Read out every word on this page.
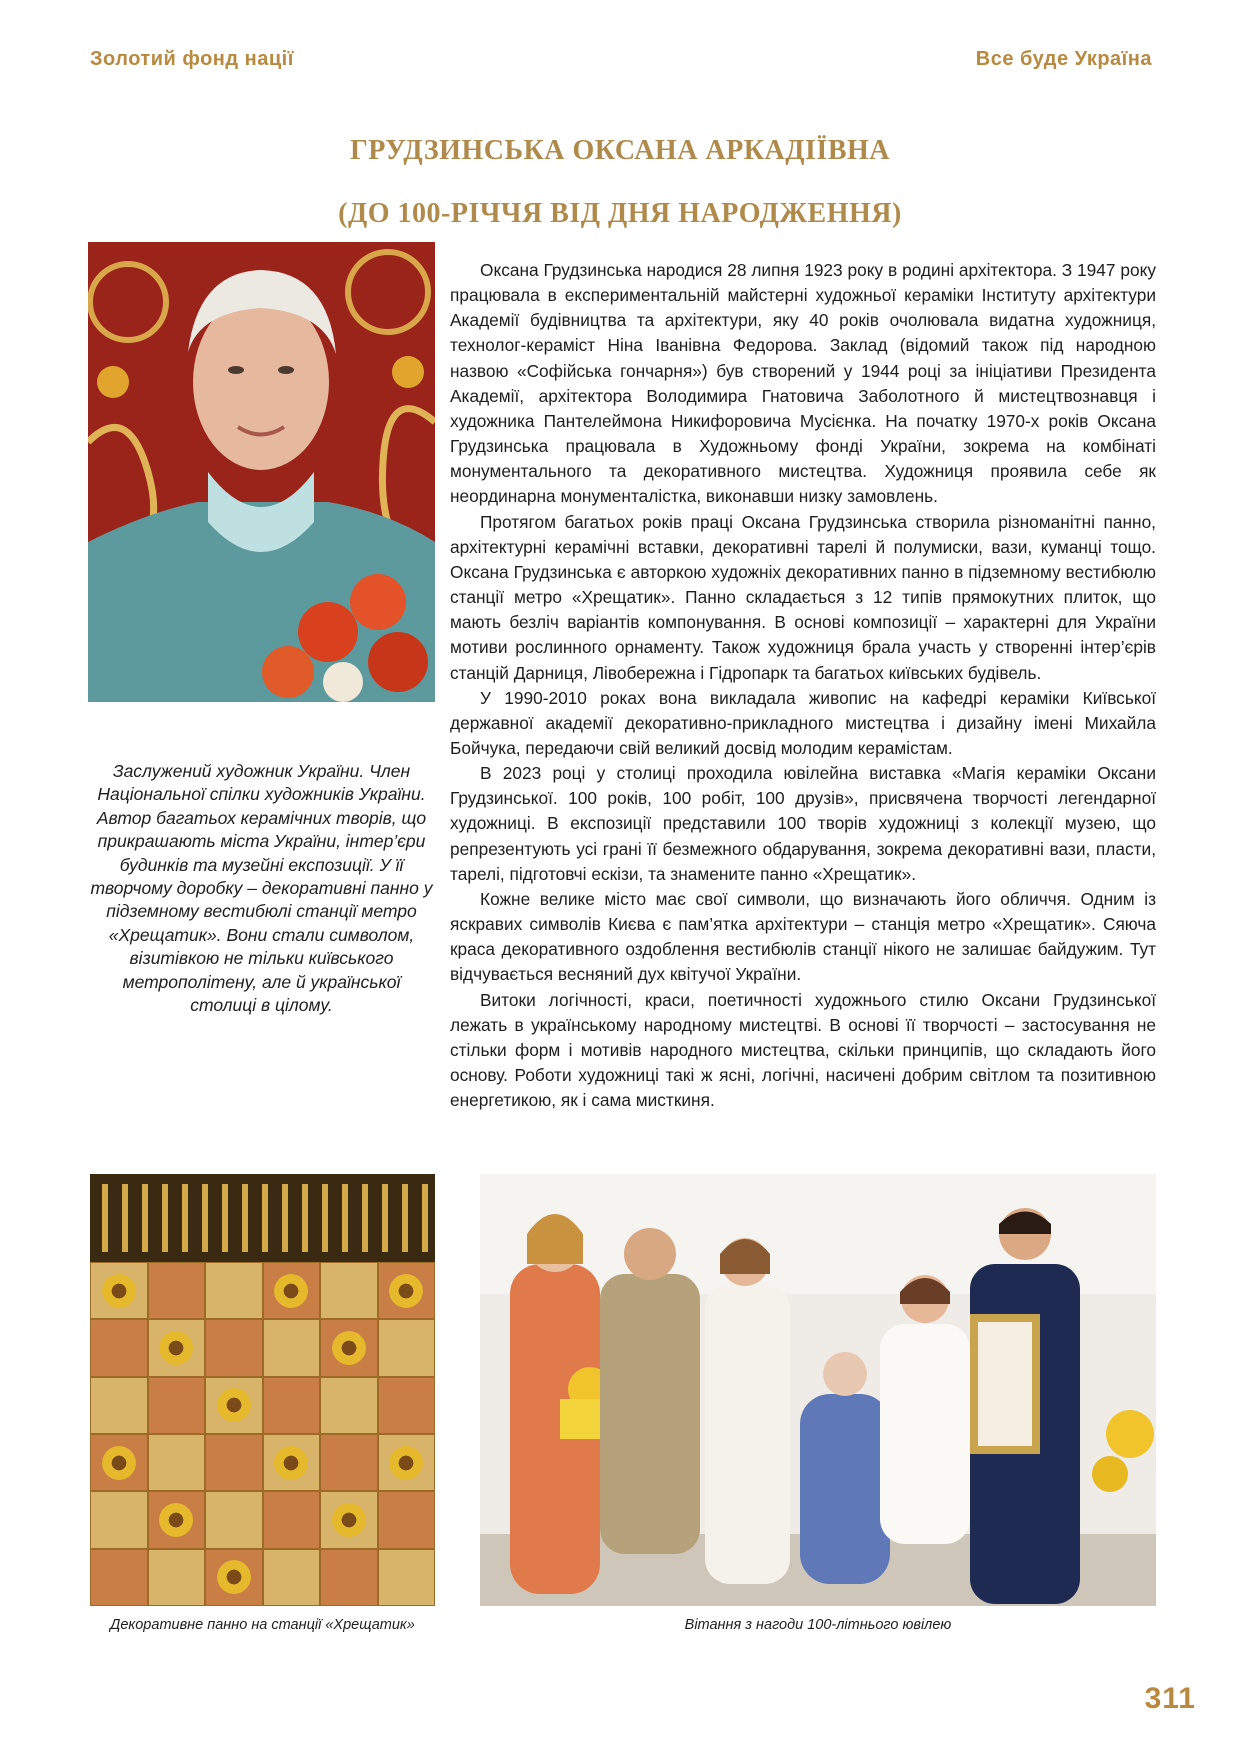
Золотий фонд нації	Все буде Україна
ГРУДЗИНСЬКА ОКСАНА АРКАДІЇВНА
(ДО 100-РІЧЧЯ ВІД ДНЯ НАРОДЖЕННЯ)
Заслужений художник України. Член Національної спілки художників України. Автор багатьох керамічних творів, що прикрашають міста України, інтер’єри будинків та музейні експозиції. У її творчому доробку – декоративні панно у підземному вестибюлі станції метро «Хрещатик». Вони стали символом, візитівкою не тільки київського метрополітену, але й української столиці в цілому.

Оксана Грудзинська народися 28 липня 1923 року в родині архітектора. З 1947 року працювала в експериментальній майстерні художньої кераміки Інституту архітектури Академії будівництва та архітектури, яку 40 років очолювала видатна художниця, технолог-кераміст Ніна Іванівна Федорова. Заклад (відомий також під народною назвою «Софійська гончарня») був створений у 1944 році за ініціативи Президента Академії, архітектора Володимира Гнатовича Заболотного й мистецтвознавця і художника Пантелеймона Никифоровича Мусієнка. На початку 1970-х років Оксана Грудзинська працювала в Художньому фонді України, зокрема на комбінаті монументального та декоративного мистецтва. Художниця проявила себе як неординарна монументалістка, виконавши низку замовлень.

Протягом багатьох років праці Оксана Грудзинська створила різноманітні панно, архітектурні керамічні вставки, декоративні тарелі й полумиски, вази, куманці тощо. Оксана Грудзинська є авторкою художніх декоративних панно в підземному вестибюлю станції метро «Хрещатик». Панно складається з 12 типів прямокутних плиток, що мають безліч варіантів компонування. В основі композиції – характерні для України мотиви рослинного орнаменту. Також художниця брала участь у створенні інтер’єрів станцій Дарниця, Лівобережна і Гідропарк та багатьох київських будівель.

У 1990-2010 роках вона викладала живопис на кафедрі кераміки Київської державної академії декоративно-прикладного мистецтва і дизайну імені Михайла Бойчука, передаючи свій великий досвід молодим керамістам.

В 2023 році у столиці проходила ювілейна виставка «Магія кераміки Оксани Грудзинської. 100 років, 100 робіт, 100 друзів», присвячена творчості легендарної художниці. В експозиції представили 100 творів художниці з колекції музею, що репрезентують усі грані її безмежного обдарування, зокрема декоративні вази, пласти, тарелі, підготовчі ескізи, та знамените панно «Хрещатик».

Кожне велике місто має свої символи, що визначають його обличчя. Одним із яскравих символів Києва є пам’ятка архітектури – станція метро «Хрещатик». Сяюча краса декоративного оздоблення вестибюлів станції нікого не залишає байдужим. Тут відчувається весняний дух квітучої України.

Витоки логічності, краси, поетичності художнього стилю Оксани Грудзинської лежать в українському народному мистецтві. В основі її творчості – застосування не стільки форм і мотивів народного мистецтва, скільки принципів, що складають його основу. Роботи художниці такі ж ясні, логічні, насичені добрим світлом та позитивною енергетикою, як і сама мисткиня.

Декоративне панно на станції «Хрещатик»	Вітання з нагоди 100-літнього ювілею
311
